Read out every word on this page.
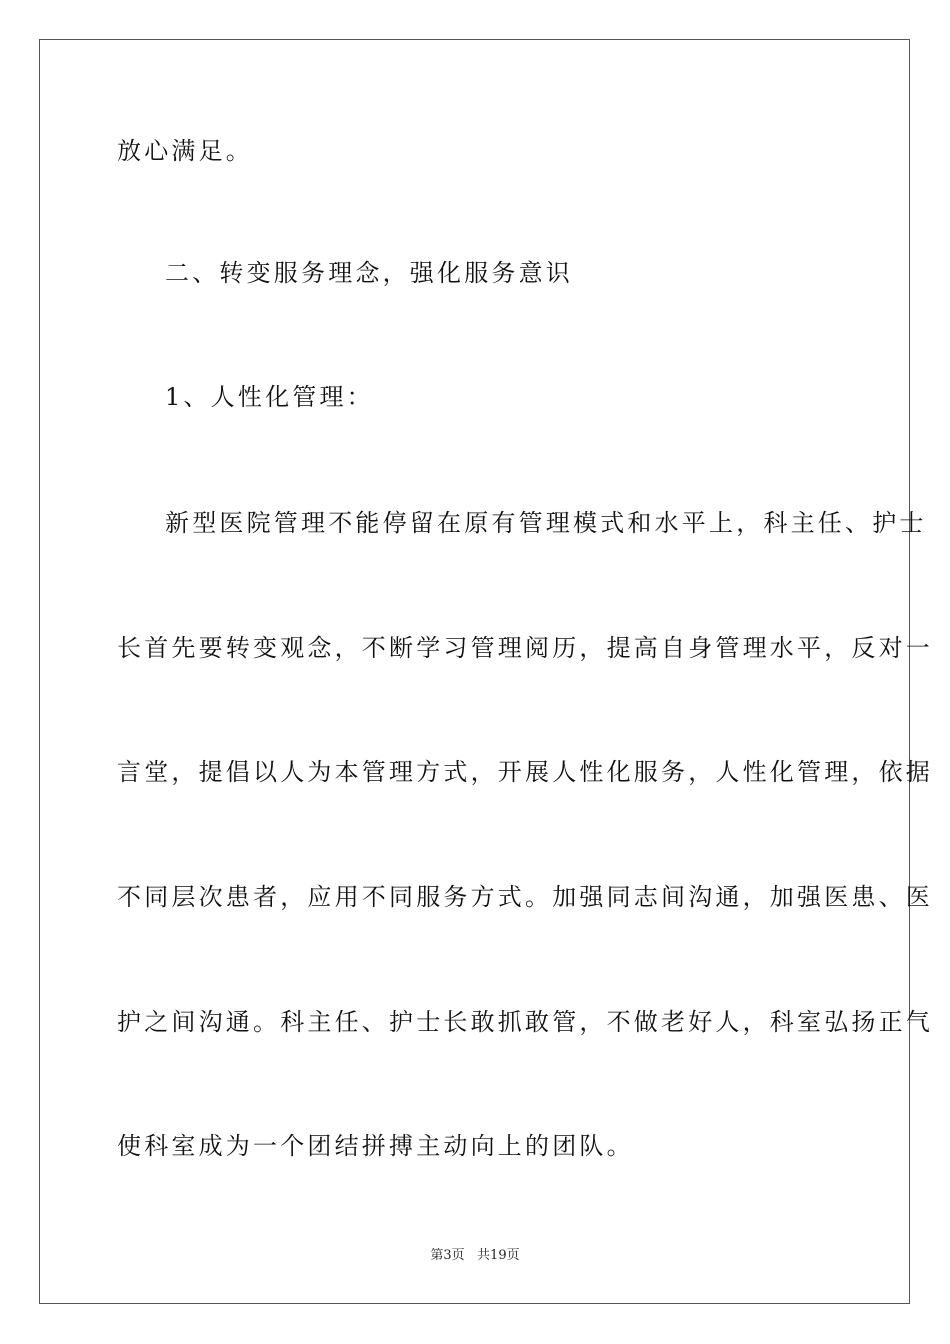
放心满足。
二、转变服务理念，强化服务意识
1、人性化管理：
新型医院管理不能停留在原有管理模式和水平上，科主任、护士
长首先要转变观念，不断学习管理阅历，提高自身管理水平，反对一
言堂，提倡以人为本管理方式，开展人性化服务，人性化管理，依据
不同层次患者，应用不同服务方式。加强同志间沟通，加强医患、医
护之间沟通。科主任、护士长敢抓敢管，不做老好人，科室弘扬正气
使科室成为一个团结拼搏主动向上的团队。
第3页   共19页
